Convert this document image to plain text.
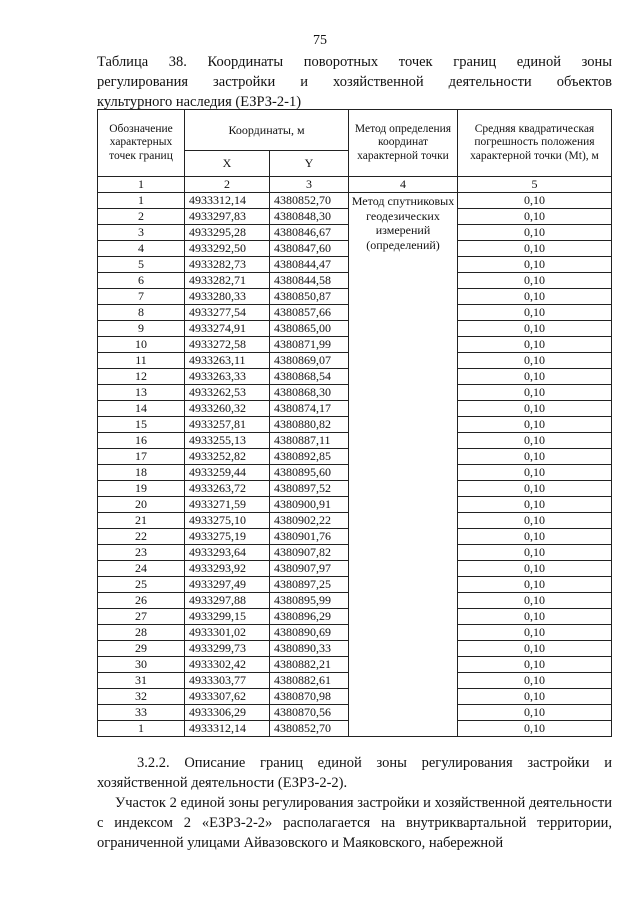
75
Таблица 38. Координаты поворотных точек границ единой зоны
регулирования застройки и хозяйственной деятельности объектов
культурного наследия (ЕЗРЗ-2-1)
Обозначение характерных точек границ	Координаты, м		Метод определения координат характерной точки	Средняя квадратическая погрешность положения характерной точки (Мt), м
	X	Y		
1	2	3	4	5
1	4933312,14	4380852,70	Метод спутниковых геодезических измерений (определений)	0,10
2	4933297,83	4380848,30		0,10
3	4933295,28	4380846,67		0,10
4	4933292,50	4380847,60		0,10
5	4933282,73	4380844,47		0,10
6	4933282,71	4380844,58		0,10
7	4933280,33	4380850,87		0,10
8	4933277,54	4380857,66		0,10
9	4933274,91	4380865,00		0,10
10	4933272,58	4380871,99		0,10
11	4933263,11	4380869,07		0,10
12	4933263,33	4380868,54		0,10
13	4933262,53	4380868,30		0,10
14	4933260,32	4380874,17		0,10
15	4933257,81	4380880,82		0,10
16	4933255,13	4380887,11		0,10
17	4933252,82	4380892,85		0,10
18	4933259,44	4380895,60		0,10
19	4933263,72	4380897,52		0,10
20	4933271,59	4380900,91		0,10
21	4933275,10	4380902,22		0,10
22	4933275,19	4380901,76		0,10
23	4933293,64	4380907,82		0,10
24	4933293,92	4380907,97		0,10
25	4933297,49	4380897,25		0,10
26	4933297,88	4380895,99		0,10
27	4933299,15	4380896,29		0,10
28	4933301,02	4380890,69		0,10
29	4933299,73	4380890,33		0,10
30	4933302,42	4380882,21		0,10
31	4933303,77	4380882,61		0,10
32	4933307,62	4380870,98		0,10
33	4933306,29	4380870,56		0,10
1	4933312,14	4380852,70		0,10
3.2.2. Описание границ единой зоны регулирования застройки и хозяйственной деятельности (ЕЗРЗ-2-2).
Участок 2 единой зоны регулирования застройки и хозяйственной деятельности с индексом 2 «ЕЗРЗ-2-2» располагается на внутриквартальной территории, ограниченной улицами Айвазовского и Маяковского, набережной
